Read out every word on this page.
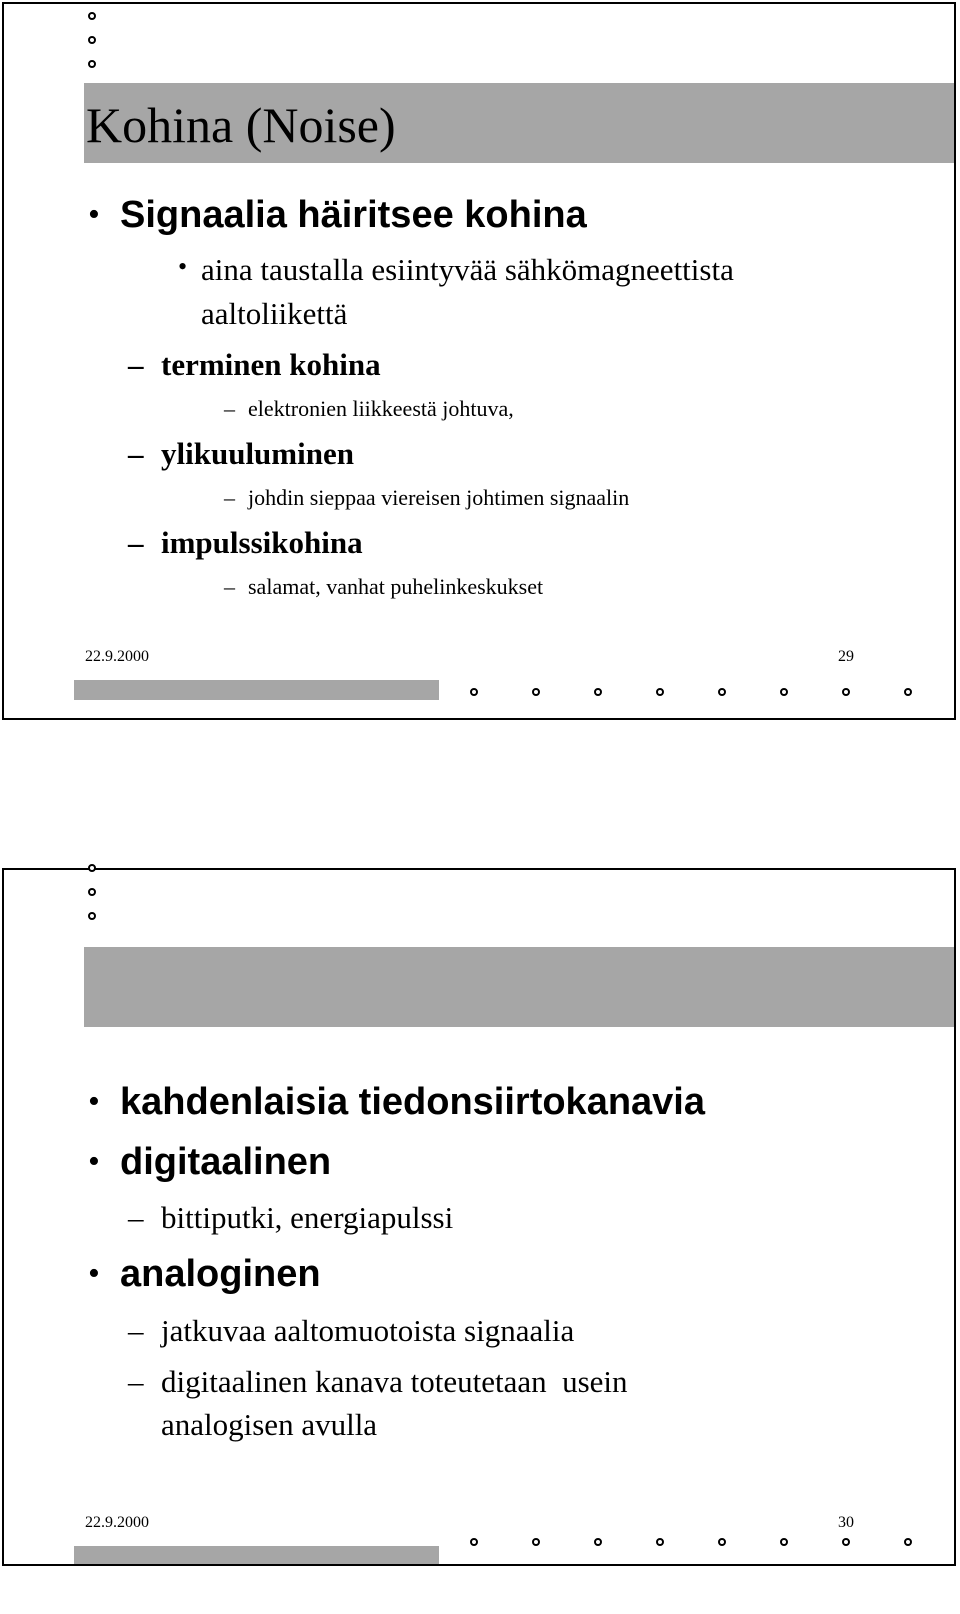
Kohina (Noise)
• Signaalia häiritsee kohina
• aina taustalla esiintyvää sähkömagneettista
aaltoliikettä
– terminen kohina
– elektronien liikkeestä johtuva,
– ylikuuluminen
– johdin sieppaa viereisen johtimen signaalin
– impulssikohina
– salamat, vanhat puhelinkeskukset
22.9.2000	29
• kahdenlaisia tiedonsiirtokanavia
• digitaalinen
– bittiputki, energiapulssi
• analoginen
– jatkuvaa aaltomuotoista signaalia
– digitaalinen kanava toteutetaan  usein
analogisen avulla
22.9.2000	30
